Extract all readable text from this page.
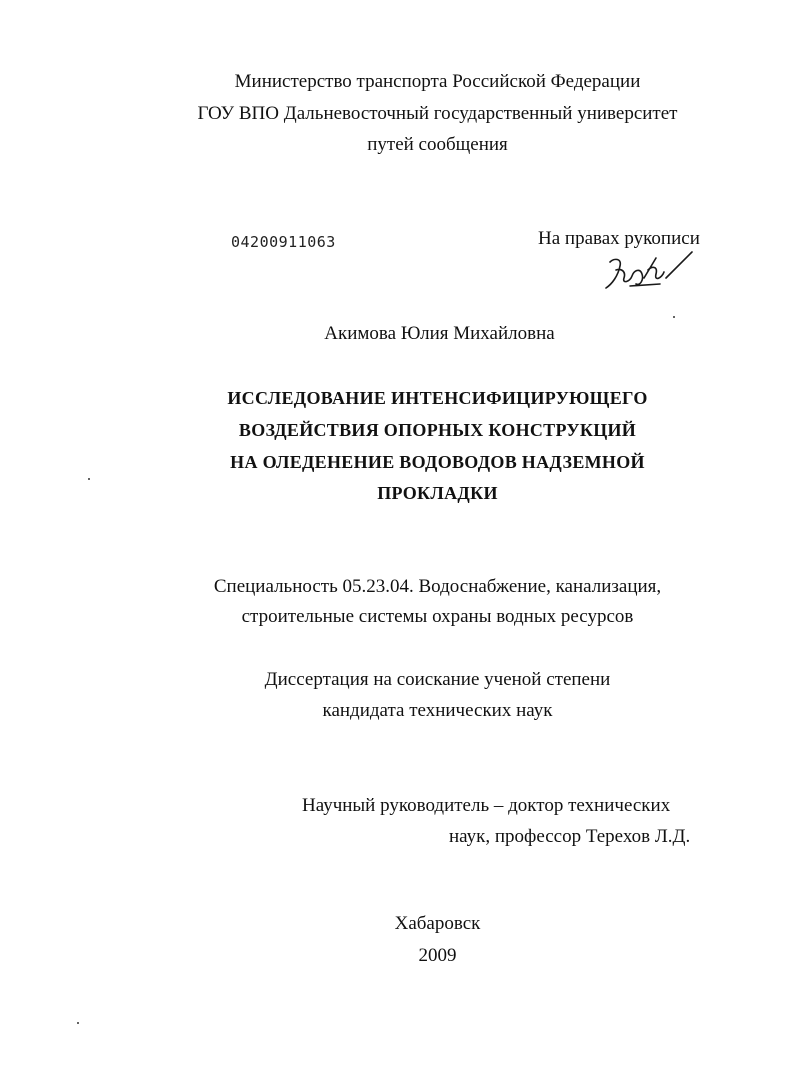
Министерство транспорта Российской Федерации
ГОУ ВПО Дальневосточный государственный университет
путей сообщения
04200911063	На правах рукописи
Акимова Юлия Михайловна
ИССЛЕДОВАНИЕ ИНТЕНСИФИЦИРУЮЩЕГО
ВОЗДЕЙСТВИЯ ОПОРНЫХ КОНСТРУКЦИЙ
НА ОЛЕДЕНЕНИЕ ВОДОВОДОВ НАДЗЕМНОЙ
ПРОКЛАДКИ
Специальность 05.23.04. Водоснабжение, канализация,
строительные системы охраны водных ресурсов
Диссертация на соискание ученой степени
кандидата технических наук
Научный руководитель – доктор технических
наук, профессор Терехов Л.Д.
Хабаровск
2009
